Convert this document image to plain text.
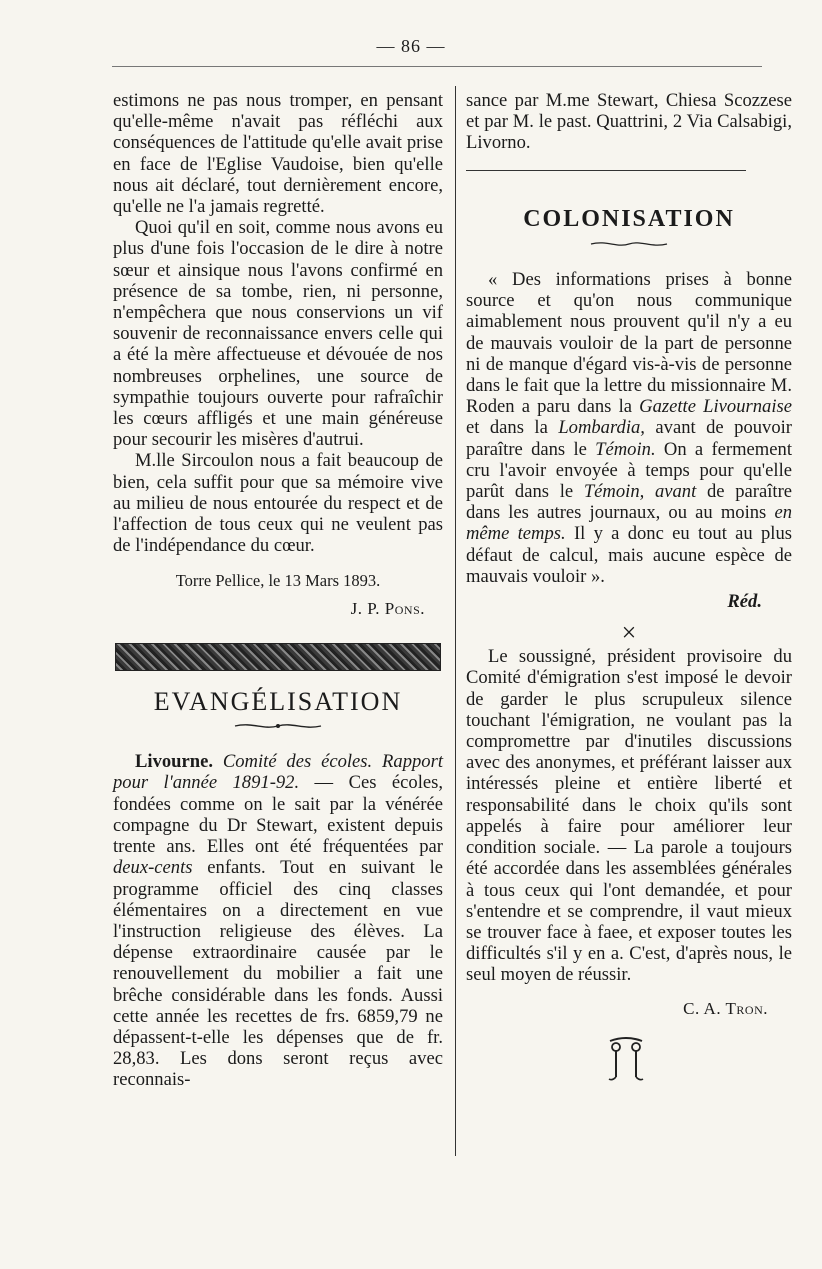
— 86 —

estimons ne pas nous tromper, en pensant qu'elle-même n'avait pas réfléchi aux conséquences de l'attitude qu'elle avait prise en face de l'Eglise Vaudoise, bien qu'elle nous ait déclaré, tout dernièrement encore, qu'elle ne l'a jamais regretté.

Quoi qu'il en soit, comme nous avons eu plus d'une fois l'occasion de le dire à notre sœur et ainsique nous l'avons confirmé en présence de sa tombe, rien, ni personne, n'empêchera que nous conservions un vif souvenir de reconnaissance envers celle qui a été la mère affectueuse et dévouée de nos nombreuses orphelines, une source de sympathie toujours ouverte pour rafraîchir les cœurs affligés et une main généreuse pour secourir les misères d'autrui.

M.lle Sircoulon nous a fait beaucoup de bien, cela suffit pour que sa mémoire vive au milieu de nous entourée du respect et de l'affection de tous ceux qui ne veulent pas de l'indépendance du cœur.

Torre Pellice, le 13 Mars 1893.
J. P. Pons.
EVANGÉLISATION

Livourne. Comité des écoles. Rapport pour l'année 1891-92. — Ces écoles, fondées comme on le sait par la vénérée compagne du Dr Stewart, existent depuis trente ans. Elles ont été fréquentées par deux-cents enfants. Tout en suivant le programme officiel des cinq classes élémentaires on a directement en vue l'instruction religieuse des élèves. La dépense extraordinaire causée par le renouvellement du mobilier a fait une brêche considérable dans les fonds. Aussi cette année les recettes de frs. 6859,79 ne dépassent-t-elle les dépenses que de fr. 28,83. Les dons seront reçus avec reconnais-

sance par M.me Stewart, Chiesa Scozzese et par M. le past. Quattrini, 2 Via Calsabigi, Livorno.

COLONISATION

« Des informations prises à bonne source et qu'on nous communique aimablement nous prouvent qu'il n'y a eu de mauvais vouloir de la part de personne ni de manque d'égard vis-à-vis de personne dans le fait que la lettre du missionnaire M. Roden a paru dans la Gazette Livournaise et dans la Lombardia, avant de pouvoir paraître dans le Témoin. On a fermement cru l'avoir envoyée à temps pour qu'elle parût dans le Témoin, avant de paraître dans les autres journaux, ou au moins en même temps. Il y a donc eu tout au plus défaut de calcul, mais aucune espèce de mauvais vouloir ».

Réd.
×

Le soussigné, président provisoire du Comité d'émigration s'est imposé le devoir de garder le plus scrupuleux silence touchant l'émigration, ne voulant pas la compromettre par d'inutiles discussions avec des anonymes, et préférant laisser aux intéressés pleine et entière liberté et responsabilité dans le choix qu'ils sont appelés à faire pour améliorer leur condition sociale. — La parole a toujours été accordée dans les assemblées générales à tous ceux qui l'ont demandée, et pour s'entendre et se comprendre, il vaut mieux se trouver face à faee, et exposer toutes les difficultés s'il y en a. C'est, d'après nous, le seul moyen de réussir.

C. A. Tron.
